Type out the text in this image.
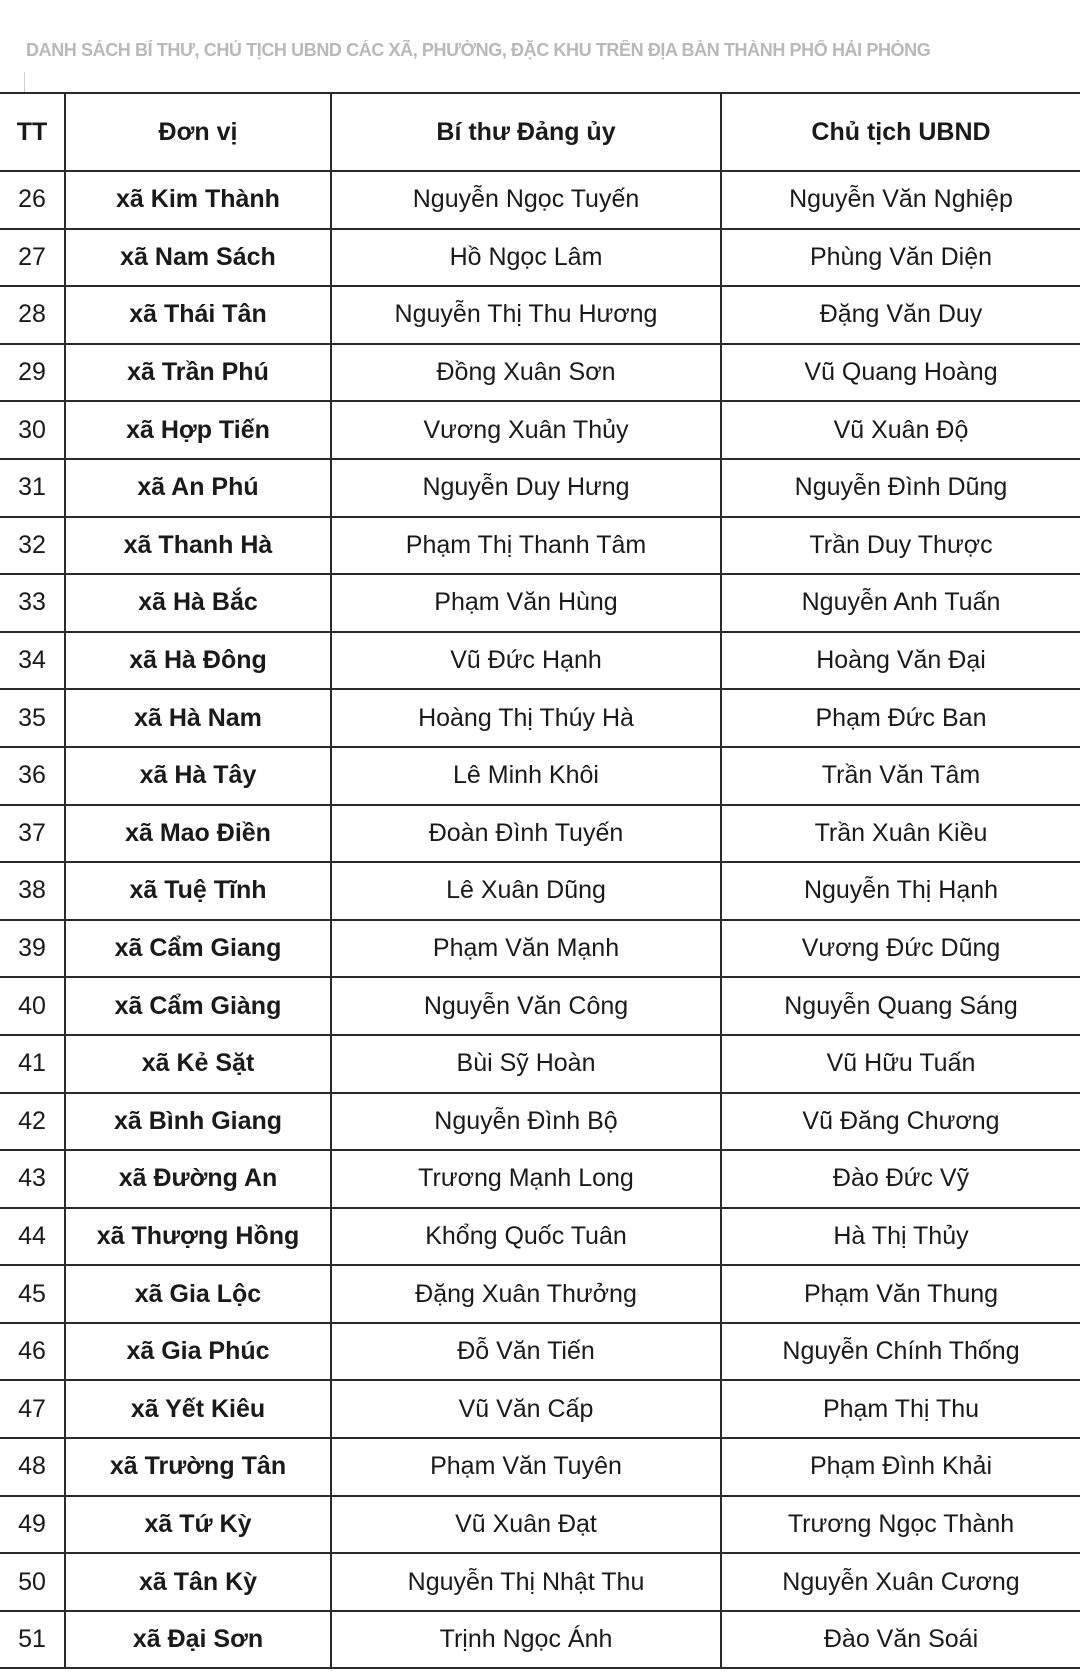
DANH SÁCH BÍ THƯ, CHỦ TỊCH UBND CÁC XÃ, PHƯỜNG, ĐẶC KHU TRÊN ĐỊA BÀN THÀNH PHỐ HẢI PHÒNG
TT	Đơn vị	Bí thư Đảng ủy	Chủ tịch UBND
26	xã Kim Thành	Nguyễn Ngọc Tuyến	Nguyễn Văn Nghiệp
27	xã Nam Sách	Hồ Ngọc Lâm	Phùng Văn Diện
28	xã Thái Tân	Nguyễn Thị Thu Hương	Đặng Văn Duy
29	xã Trần Phú	Đồng Xuân Sơn	Vũ Quang Hoàng
30	xã Hợp Tiến	Vương Xuân Thủy	Vũ Xuân Độ
31	xã An Phú	Nguyễn Duy Hưng	Nguyễn Đình Dũng
32	xã Thanh Hà	Phạm Thị Thanh Tâm	Trần Duy Thược
33	xã Hà Bắc	Phạm Văn Hùng	Nguyễn Anh Tuấn
34	xã Hà Đông	Vũ Đức Hạnh	Hoàng Văn Đại
35	xã Hà Nam	Hoàng Thị Thúy Hà	Phạm Đức Ban
36	xã Hà Tây	Lê Minh Khôi	Trần Văn Tâm
37	xã Mao Điền	Đoàn Đình Tuyến	Trần Xuân Kiều
38	xã Tuệ Tĩnh	Lê Xuân Dũng	Nguyễn Thị Hạnh
39	xã Cẩm Giang	Phạm Văn Mạnh	Vương Đức Dũng
40	xã Cẩm Giàng	Nguyễn Văn Công	Nguyễn Quang Sáng
41	xã Kẻ Sặt	Bùi Sỹ Hoàn	Vũ Hữu Tuấn
42	xã Bình Giang	Nguyễn Đình Bộ	Vũ Đăng Chương
43	xã Đường An	Trương Mạnh Long	Đào Đức Vỹ
44	xã Thượng Hồng	Khổng Quốc Tuân	Hà Thị Thủy
45	xã Gia Lộc	Đặng Xuân Thưởng	Phạm Văn Thung
46	xã Gia Phúc	Đỗ Văn Tiến	Nguyễn Chính Thống
47	xã Yết Kiêu	Vũ Văn Cấp	Phạm Thị Thu
48	xã Trường Tân	Phạm Văn Tuyên	Phạm Đình Khải
49	xã Tứ Kỳ	Vũ Xuân Đạt	Trương Ngọc Thành
50	xã Tân Kỳ	Nguyễn Thị Nhật Thu	Nguyễn Xuân Cương
51	xã Đại Sơn	Trịnh Ngọc Ánh	Đào Văn Soái
